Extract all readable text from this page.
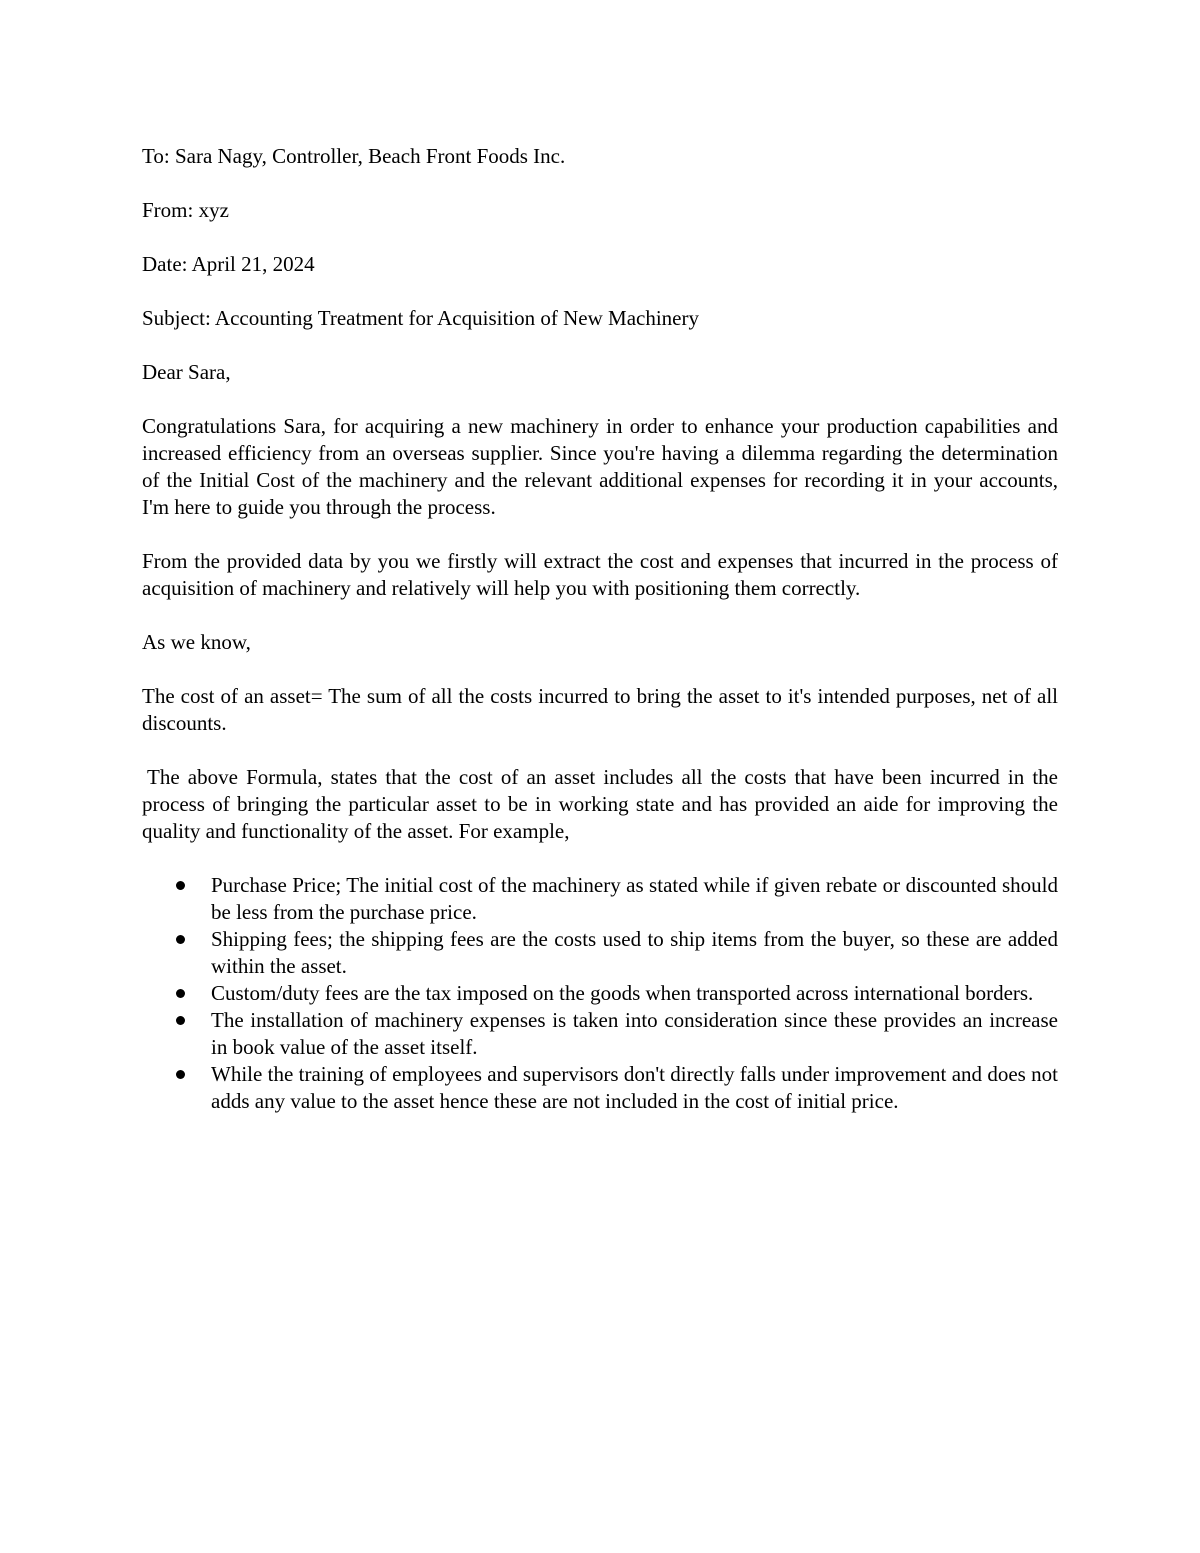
To: Sara Nagy, Controller, Beach Front Foods Inc.
From: xyz
Date: April 21, 2024
Subject: Accounting Treatment for Acquisition of New Machinery
Dear Sara,

Congratulations Sara, for acquiring a new machinery in order to enhance your production capabilities and increased efficiency from an overseas supplier. Since you're having a dilemma regarding the determination of the Initial Cost of the machinery and the relevant additional expenses for recording it in your accounts, I'm here to guide you through the process.

From the provided data by you we firstly will extract the cost and expenses that incurred in the process of acquisition of machinery and relatively will help you with positioning them correctly.

As we know,

The cost of an asset= The sum of all the costs incurred to bring the asset to it's intended purposes, net of all discounts.

The above Formula, states that the cost of an asset includes all the costs that have been incurred in the process of bringing the particular asset to be in working state and has provided an aide for improving the quality and functionality of the asset. For example,

Purchase Price; The initial cost of the machinery as stated while if given rebate or discounted should be less from the purchase price.
Shipping fees; the shipping fees are the costs used to ship items from the buyer, so these are added within the asset.
Custom/duty fees are the tax imposed on the goods when transported across international borders.
The installation of machinery expenses is taken into consideration since these provides an increase in book value of the asset itself.
While the training of employees and supervisors don't directly falls under improvement and does not adds any value to the asset hence these are not included in the cost of initial price.
